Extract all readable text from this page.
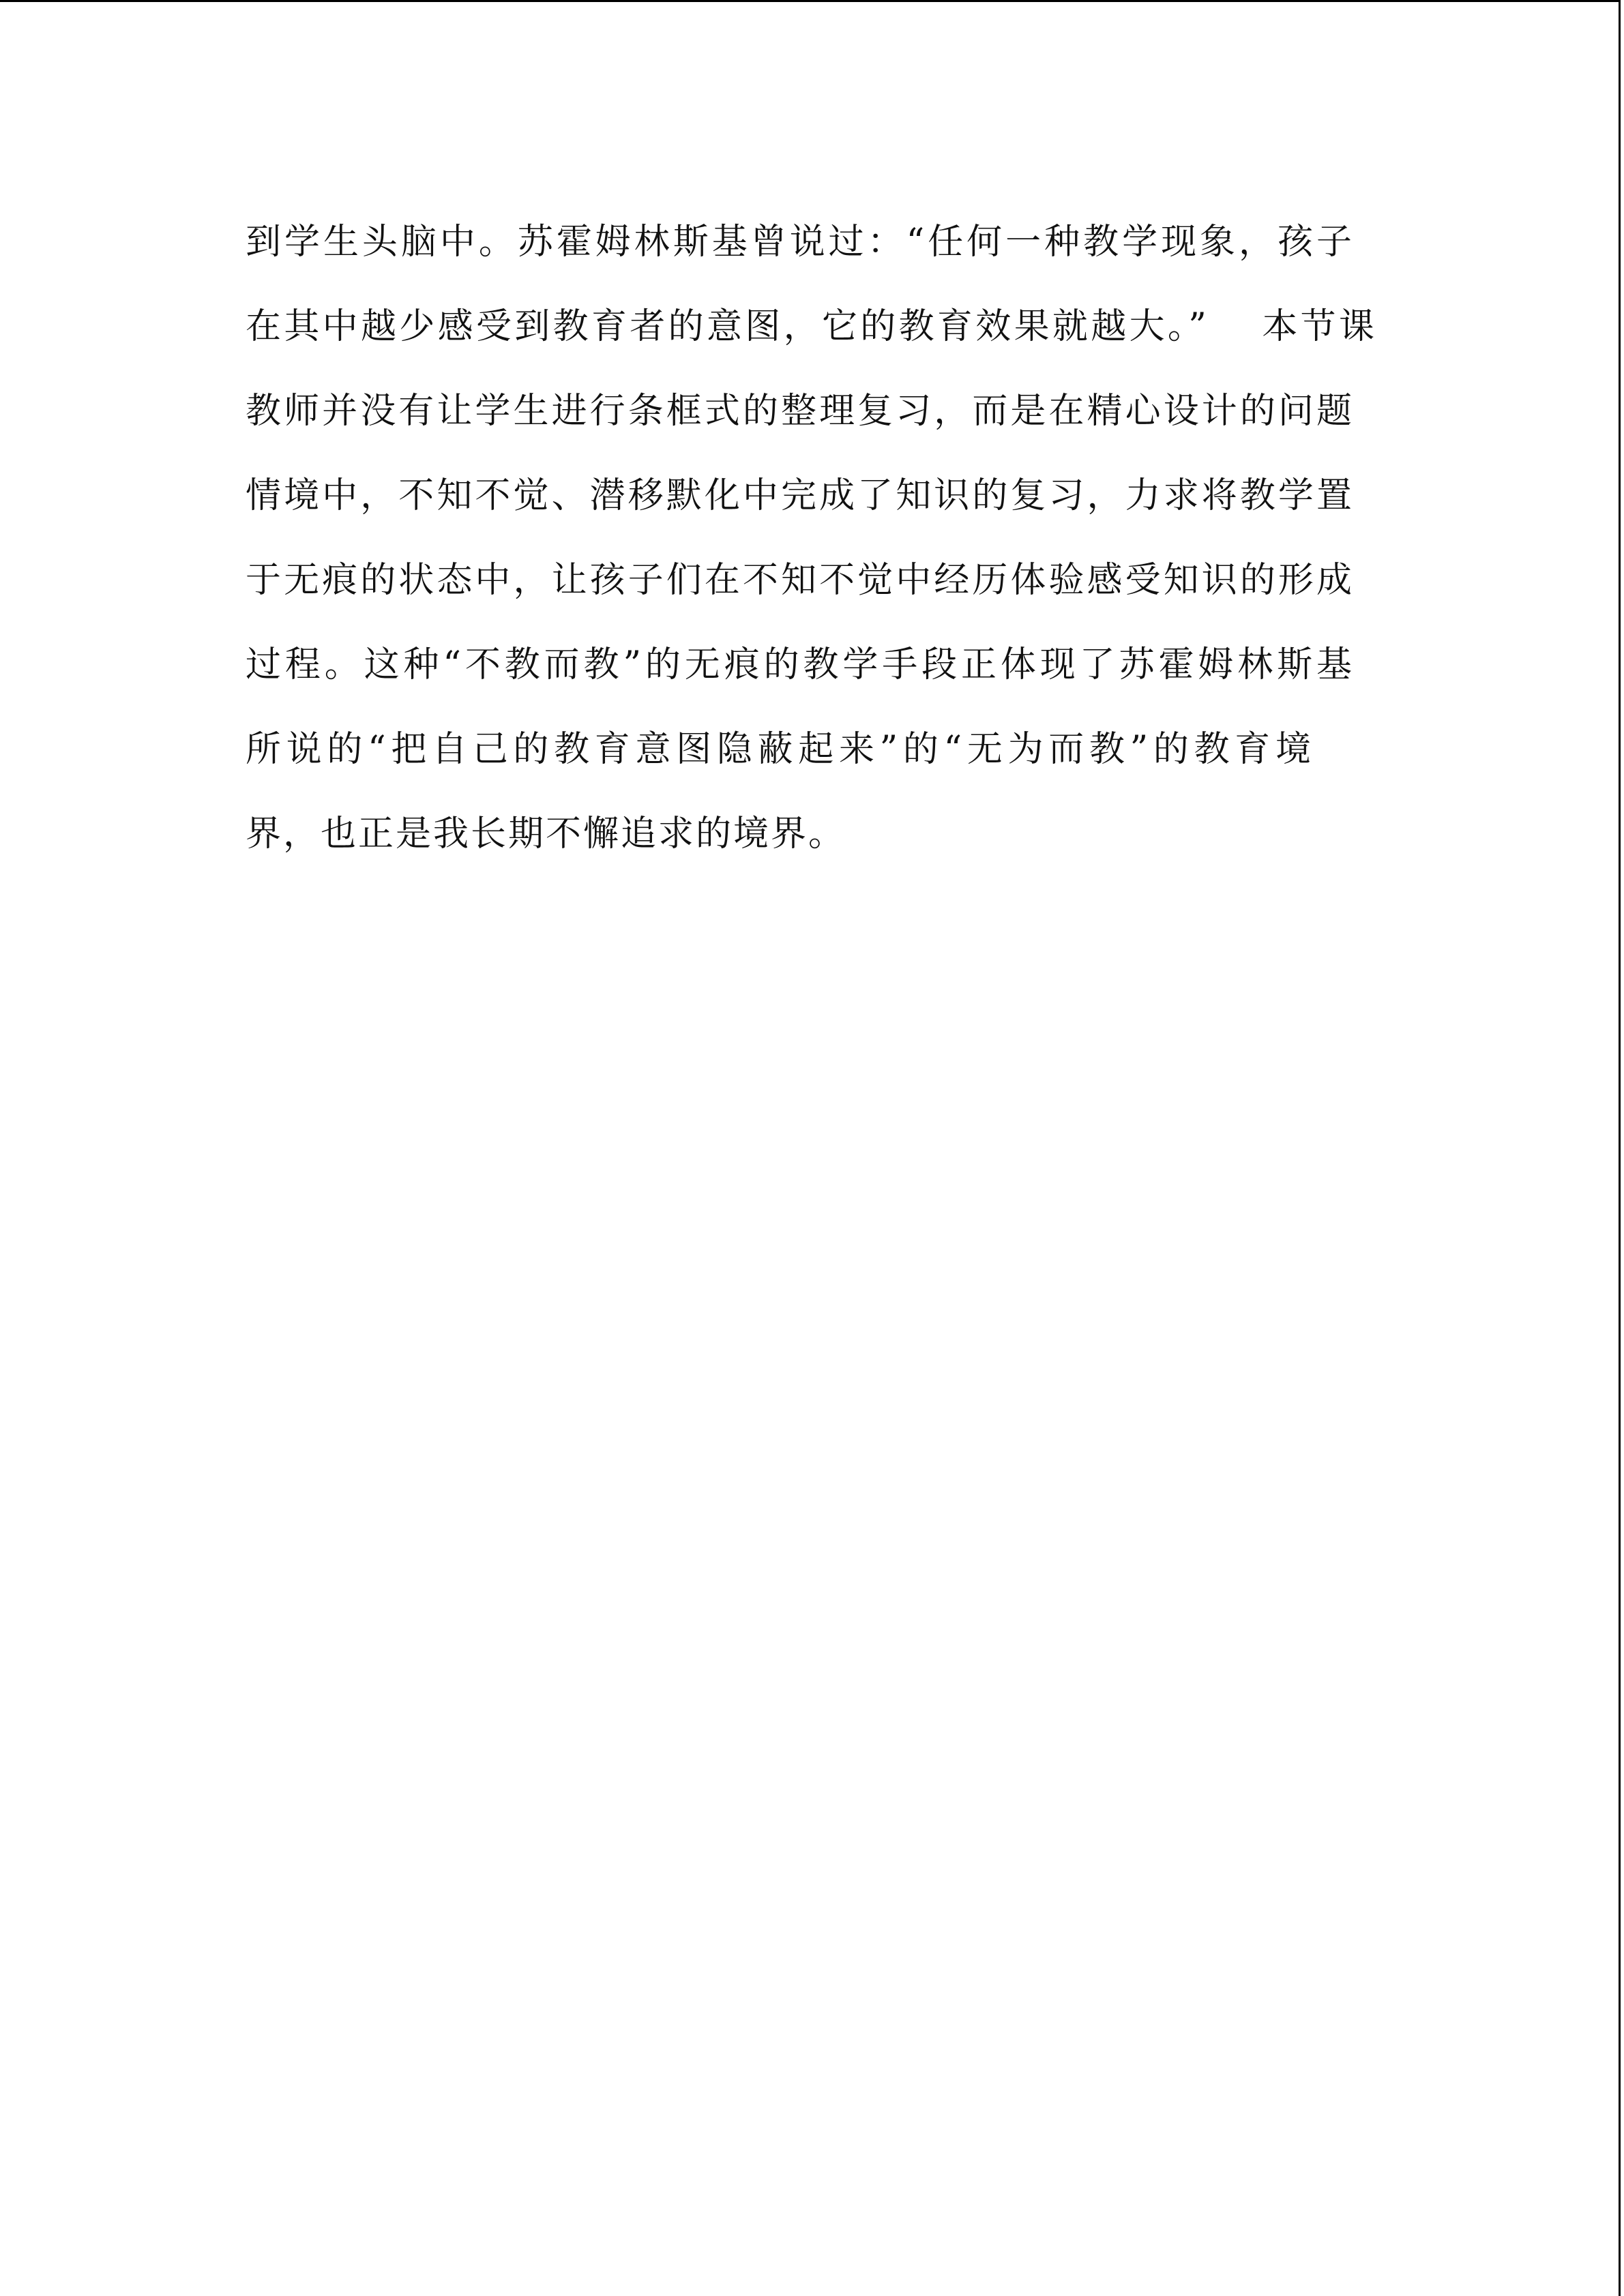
到学生头脑中。苏霍姆林斯基曾说过：“任何一种教学现象，孩子
在其中越少感受到教育者的意图，它的教育效果就越大。”　 本节课
教师并没有让学生进行条框式的整理复习，而是在精心设计的问题
情境中，不知不觉、潜移默化中完成了知识的复习，力求将教学置
于无痕的状态中，让孩子们在不知不觉中经历体验感受知识的形成
过程。这种“不教而教”的无痕的教学手段正体现了苏霍姆林斯基
所说的“把自己的教育意图隐蔽起来”的“无为而教”的教育境
界，也正是我长期不懈追求的境界。
